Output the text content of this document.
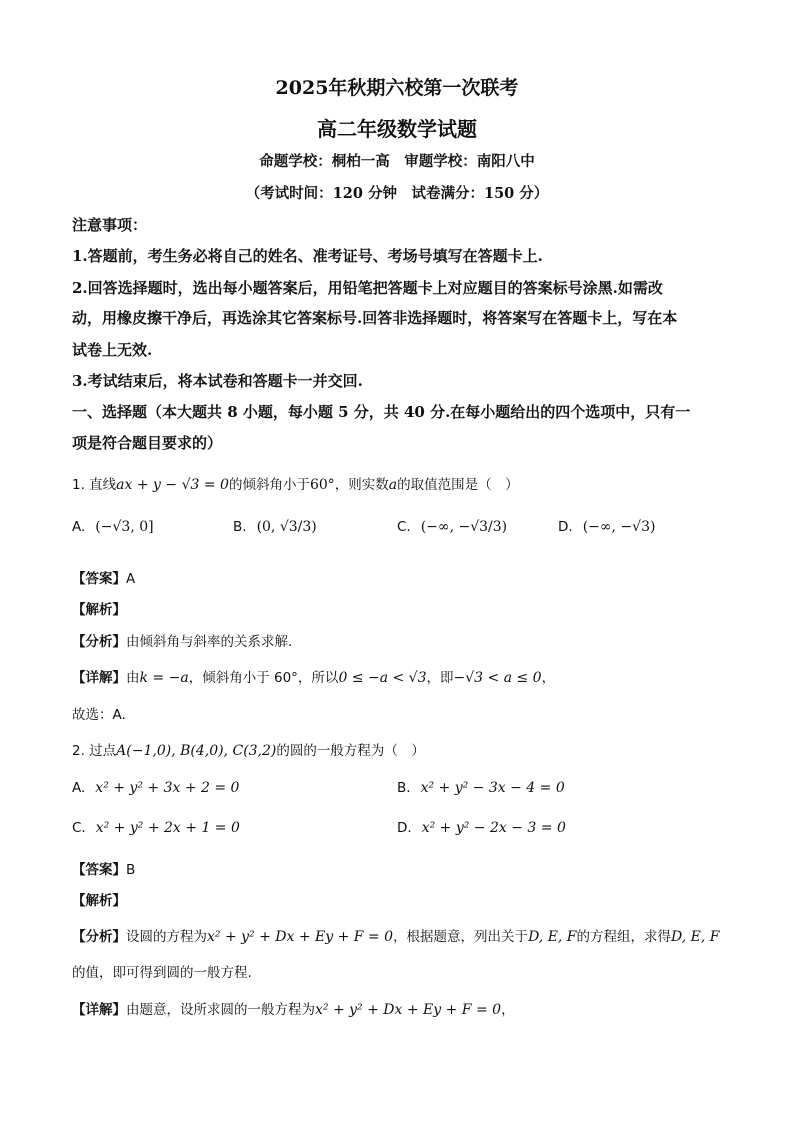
2025年秋期六校第一次联考
高二年级数学试题
命题学校：桐柏一高　审题学校：南阳八中
（考试时间：120 分钟　试卷满分：150 分）
注意事项：
1.答题前，考生务必将自己的姓名、准考证号、考场号填写在答题卡上.
2.回答选择题时，选出每小题答案后，用铅笔把答题卡上对应题目的答案标号涂黑.如需改
动，用橡皮擦干净后，再选涂其它答案标号.回答非选择题时，将答案写在答题卡上，写在本
试卷上无效.
3.考试结束后，将本试卷和答题卡一并交回.
一、选择题（本大题共 8 小题，每小题 5 分，共 40 分.在每小题给出的四个选项中，只有一
项是符合题目要求的）
1. 直线ax + y − √3 = 0的倾斜角小于60°，则实数a的取值范围是（　）
A. (−√3, 0]	B. (0, √3/3)	C. (−∞, −√3/3)	D. (−∞, −√3)
【答案】A
【解析】
【分析】由倾斜角与斜率的关系求解.
【详解】由k = −a，倾斜角小于 60°，所以0 ≤ −a < √3，即−√3 < a ≤ 0，
故选：A.
2. 过点A(−1,0), B(4,0), C(3,2)的圆的一般方程为（　）
A. x² + y² + 3x + 2 = 0	B. x² + y² − 3x − 4 = 0
C. x² + y² + 2x + 1 = 0	D. x² + y² − 2x − 3 = 0
【答案】B
【解析】
【分析】设圆的方程为x² + y² + Dx + Ey + F = 0，根据题意，列出关于D, E, F的方程组，求得D, E, F
的值，即可得到圆的一般方程.
【详解】由题意，设所求圆的一般方程为x² + y² + Dx + Ey + F = 0，
